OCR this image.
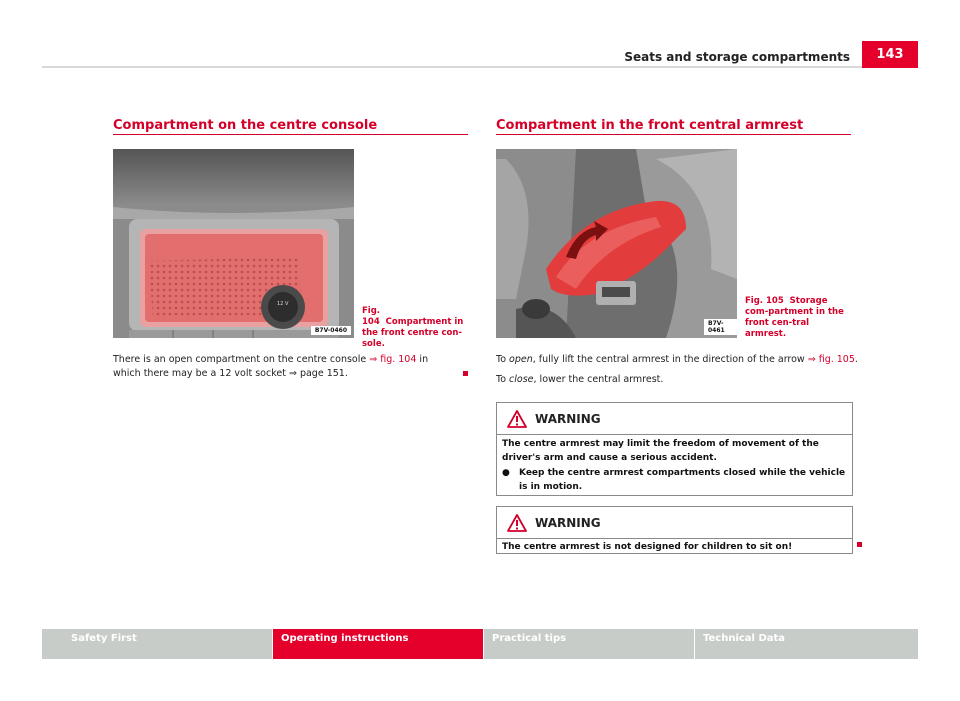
Seats and storage compartments	143
Compartment on the centre console
12 V
B7V-0460
Fig. 104 Compartment in the front centre con-sole.
There is an open compartment on the centre console ⇒ fig. 104 in which there may be a 12 volt socket ⇒ page 151.
Compartment in the front central armrest
B7V-0461
Fig. 105 Storage com-partment in the front cen-tral armrest.
To open, fully lift the central armrest in the direction of the arrow ⇒ fig. 105.
To close, lower the central armrest.
WARNING
The centre armrest may limit the freedom of movement of the driver's arm and cause a serious accident.
●	Keep the centre armrest compartments closed while the vehicle is in motion.
WARNING
The centre armrest is not designed for children to sit on!
Safety First	Operating instructions	Practical tips	Technical Data
